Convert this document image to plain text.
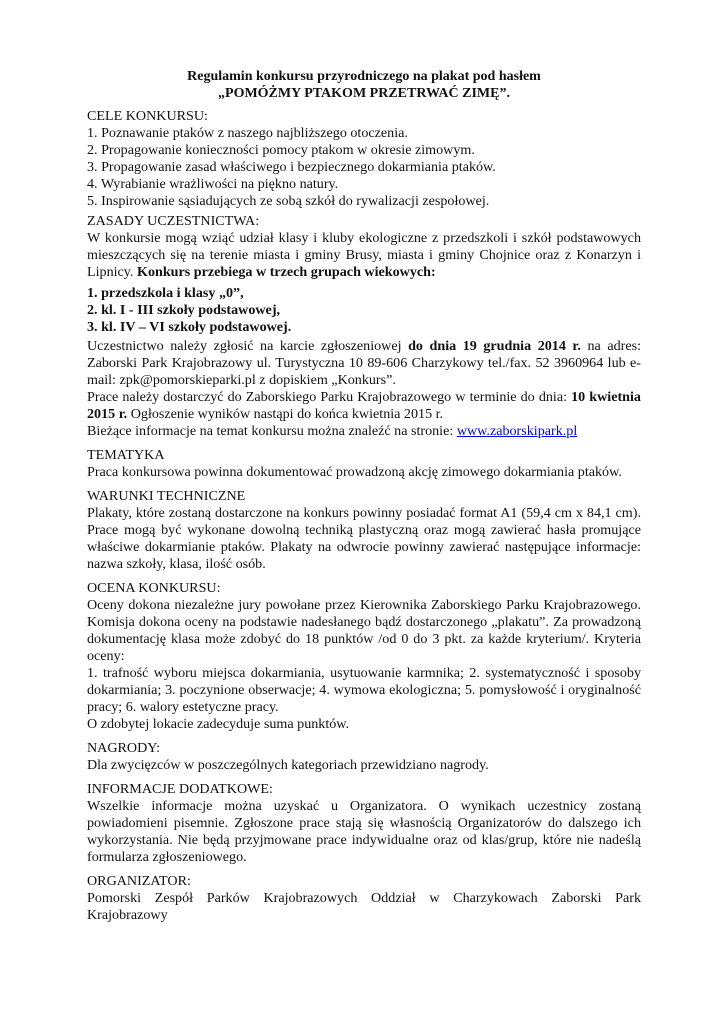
Regulamin konkursu przyrodniczego na plakat pod hasłem
„POMÓŻMY PTAKOM PRZETRWAĆ ZIMĘ”.

CELE KONKURSU:

1. Poznawanie ptaków z naszego najbliższego otoczenia.

2. Propagowanie konieczności pomocy ptakom w okresie zimowym.

3. Propagowanie zasad właściwego i bezpiecznego dokarmiania ptaków.

4. Wyrabianie wrażliwości na piękno natury.

5. Inspirowanie sąsiadujących ze sobą szkół do rywalizacji zespołowej.

ZASADY UCZESTNICTWA:

W konkursie mogą wziąć udział klasy i kluby ekologiczne z przedszkoli i szkół podstawowych mieszczących się na terenie miasta i gminy Brusy, miasta i gminy Chojnice oraz z Konarzyn i Lipnicy. Konkurs przebiega w trzech grupach wiekowych:

1. przedszkola i klasy „0”,
2. kl. I - III szkoły podstawowej,
3. kl. IV – VI szkoły podstawowej.

Uczestnictwo należy zgłosić na karcie zgłoszeniowej do dnia 19 grudnia 2014 r. na adres: Zaborski Park Krajobrazowy ul. Turystyczna 10 89-606 Charzykowy tel./fax. 52 3960964 lub e-mail: zpk@pomorskieparki.pl z dopiskiem „Konkurs”.

Prace należy dostarczyć do Zaborskiego Parku Krajobrazowego w terminie do dnia: 10 kwietnia 2015 r. Ogłoszenie wyników nastąpi do końca kwietnia 2015 r.

Bieżące informacje na temat konkursu można znaleźć na stronie: www.zaborskipark.pl

TEMATYKA

Praca konkursowa powinna dokumentować prowadzoną akcję zimowego dokarmiania ptaków.

WARUNKI TECHNICZNE

Plakaty, które zostaną dostarczone na konkurs powinny posiadać format A1 (59,4 cm x 84,1 cm). Prace mogą być wykonane dowolną techniką plastyczną oraz mogą zawierać hasła promujące właściwe dokarmianie ptaków. Plakaty na odwrocie powinny zawierać następujące informacje: nazwa szkoły, klasa, ilość osób.

OCENA KONKURSU:

Oceny dokona niezależne jury powołane przez Kierownika Zaborskiego Parku Krajobrazowego. Komisja dokona oceny na podstawie nadesłanego bądź dostarczonego „plakatu”. Za prowadzoną dokumentację klasa może zdobyć do 18 punktów /od 0 do 3 pkt. za każde kryterium/. Kryteria oceny:

1. trafność wyboru miejsca dokarmiania, usytuowanie karmnika; 2. systematyczność i sposoby dokarmiania; 3. poczynione obserwacje; 4. wymowa ekologiczna; 5. pomysłowość i oryginalność pracy; 6. walory estetyczne pracy.

O zdobytej lokacie zadecyduje suma punktów.

NAGRODY:

Dla zwycięzców w poszczególnych kategoriach przewidziano nagrody.

INFORMACJE DODATKOWE:

Wszelkie informacje można uzyskać u Organizatora. O wynikach uczestnicy zostaną powiadomieni pisemnie. Zgłoszone prace stają się własnością Organizatorów do dalszego ich wykorzystania. Nie będą przyjmowane prace indywidualne oraz od klas/grup, które nie nadeślą formularza zgłoszeniowego.

ORGANIZATOR:

Pomorski Zespół Parków Krajobrazowych Oddział w Charzykowach Zaborski Park Krajobrazowy
